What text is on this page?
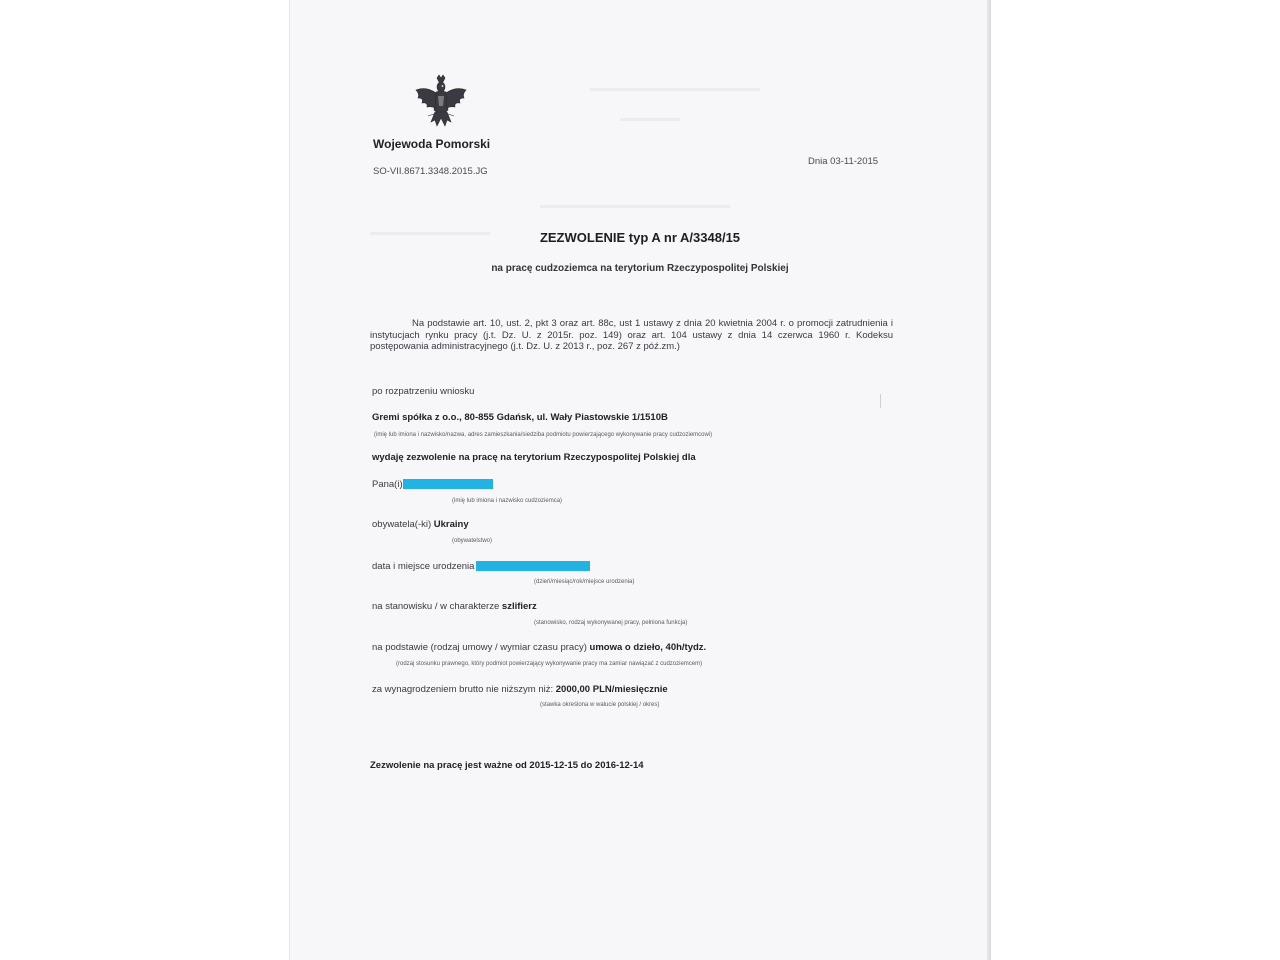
Wojewoda Pomorski
SO-VII.8671.3348.2015.JG
Dnia 03-11-2015
ZEZWOLENIE typ A nr A/3348/15
na pracę cudzoziemca na terytorium Rzeczypospolitej Polskiej
Na podstawie art. 10, ust. 2, pkt 3 oraz art. 88c, ust 1 ustawy z dnia 20 kwietnia 2004 r. o promocji zatrudnienia i instytucjach rynku pracy (j.t. Dz. U. z 2015r. poz. 149) oraz art. 104 ustawy z dnia 14 czerwca 1960 r. Kodeksu postępowania administracyjnego (j.t. Dz. U. z 2013 r., poz. 267 z póź.zm.)
po rozpatrzeniu wniosku
Gremi spółka z o.o., 80-855 Gdańsk, ul. Wały Piastowskie 1/1510B
(imię lub imiona i nazwisko/nazwa, adres zamieszkania/siedziba podmiotu powierzającego wykonywanie pracy cudzoziemcowi)
wydaję zezwolenie na pracę na terytorium Rzeczypospolitej Polskiej dla
Pana(i)
(imię lub imiona i nazwisko cudzoziemca)
obywatela(-ki) Ukrainy
(obywatelstwo)
data i miejsce urodzenia
(dzień/miesiąc/rok/miejsce urodzenia)
na stanowisku / w charakterze szlifierz
(stanowisko, rodzaj wykonywanej pracy, pełniona funkcja)
na podstawie (rodzaj umowy / wymiar czasu pracy) umowa o dzieło, 40h/tydz.
(rodzaj stosunku prawnego, który podmiot powierzający wykonywanie pracy ma zamiar nawiązać z cudzoziemcem)
za wynagrodzeniem brutto nie niższym niż: 2000,00 PLN/miesięcznie
(stawka określona w walucie polskiej / okres)
Zezwolenie na pracę jest ważne od 2015-12-15 do 2016-12-14
